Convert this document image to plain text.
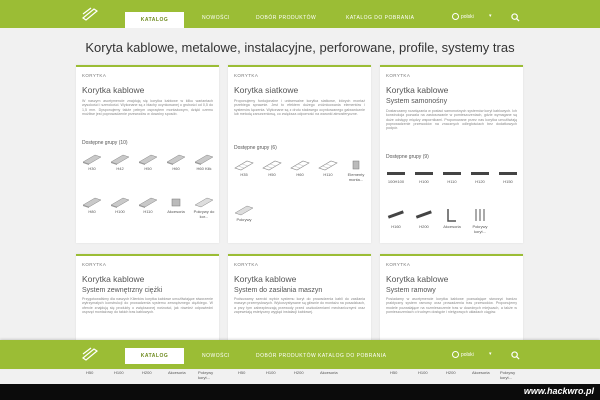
KATALOG	NOWOŚCI	DOBÓR PRODUKTÓW	KATALOG DO POBRANIA	polski	▾
Koryta kablowe, metalowe, instalacyjne, perforowane, profile, systemy tras
KORYTKA
Korytka kablowe
W naszym asortymencie znajdują się korytka kablowe w kilku wariantach wysokości i szerokości. Wykonane są z blachy ocynkowanej o grubości od 0,5 do 1,5 mm. Dysponujemy także pełnym osprzętem montażowym, dzięki czemu możliwe jest poprowadzenie przewodów w dowolny sposób.
Dostępne grupy (10)
H30	H42	H50	H60	H60 Klik
H80	H100	H110	Akcesoria	Pokrywy do kor...
KORYTKA
Korytka siatkowe
Proponujemy funkcjonalne i uniwersalne korytka siatkowe, których montaż przebiega sprawnie. Jest to efektem dużego zróżnicowania elementów i systemów łączenia. Wykonane są z drutu stalowego ocynkowanego galwanicznie lub metodą zanurzeniową, co zwiększa odporność na warunki atmosferyczne.
Dostępne grupy (6)
H35	H50	H60	H110	Elementy monta...
Pokrywy
KORYTKA
Korytka kablowe
System samonośny
Dostarczamy rozwiązania w postaci samonośnych systemów koryt kablowych. Ich konstrukcja pozwala na zastosowanie w pomieszczeniach, gdzie wymagane są duże odstępy między wspornikami. Proponowane przez nas korytka umożliwiają poprowadzenie przewodów na znacznych odległościach bez dodatkowych podpór.
Dostępne grupy (9)
100H100	H100	H110	H120	H150
H160	H200	Akcesoria	Pokrywy koryt...
KORYTKA
Korytka kablowe
System zewnętrzny ciężki
Przygotowaliśmy dla naszych Klientów korytka kablowe umożliwiające stworzenie wytrzymałych konstrukcji do prowadzenia systemu zewnętrznego ciężkiego. W ofercie znajdują się produkty o zwiększonej nośności, jak również odpowiedni osprzęt montażowy do takich tras kablowych.
KORYTKA
Korytka kablowe
System do zasilania maszyn
Podsuwamy szeroki wybór systemu koryt do prowadzenia kabli do zasilania maszyn przemysłowych. Wykorzystywane są głównie do montażu na posadzkach, a przy tym zabezpieczają przewody przed uszkodzeniami mechanicznymi oraz zapewniają estetyczny wygląd instalacji kablowej.
KORYTKA
Korytka kablowe
System ramowy
Posiadamy w asortymencie korytka kablowe pozwalające stworzyć bardzo praktyczny system ramowy oraz prowadzenia tras przewodów. Proponujemy modele pozwalające na rozmieszczenie tras w dowolnych miejscach, a także w pomieszczeniach o trudnym dostępie i nietypowych układach ciągów.
KATALOG	NOWOŚCI	DOBÓR PRODUKTÓW KATALOG DO POBRANIA	polski	▾
H50	H100	H200	Akcesoria	Pokrywy koryt...
H50	H100	H200	Akcesoria	H50	H100	H200	Akcesoria	Pokrywy koryt...
www.hackwro.pl
